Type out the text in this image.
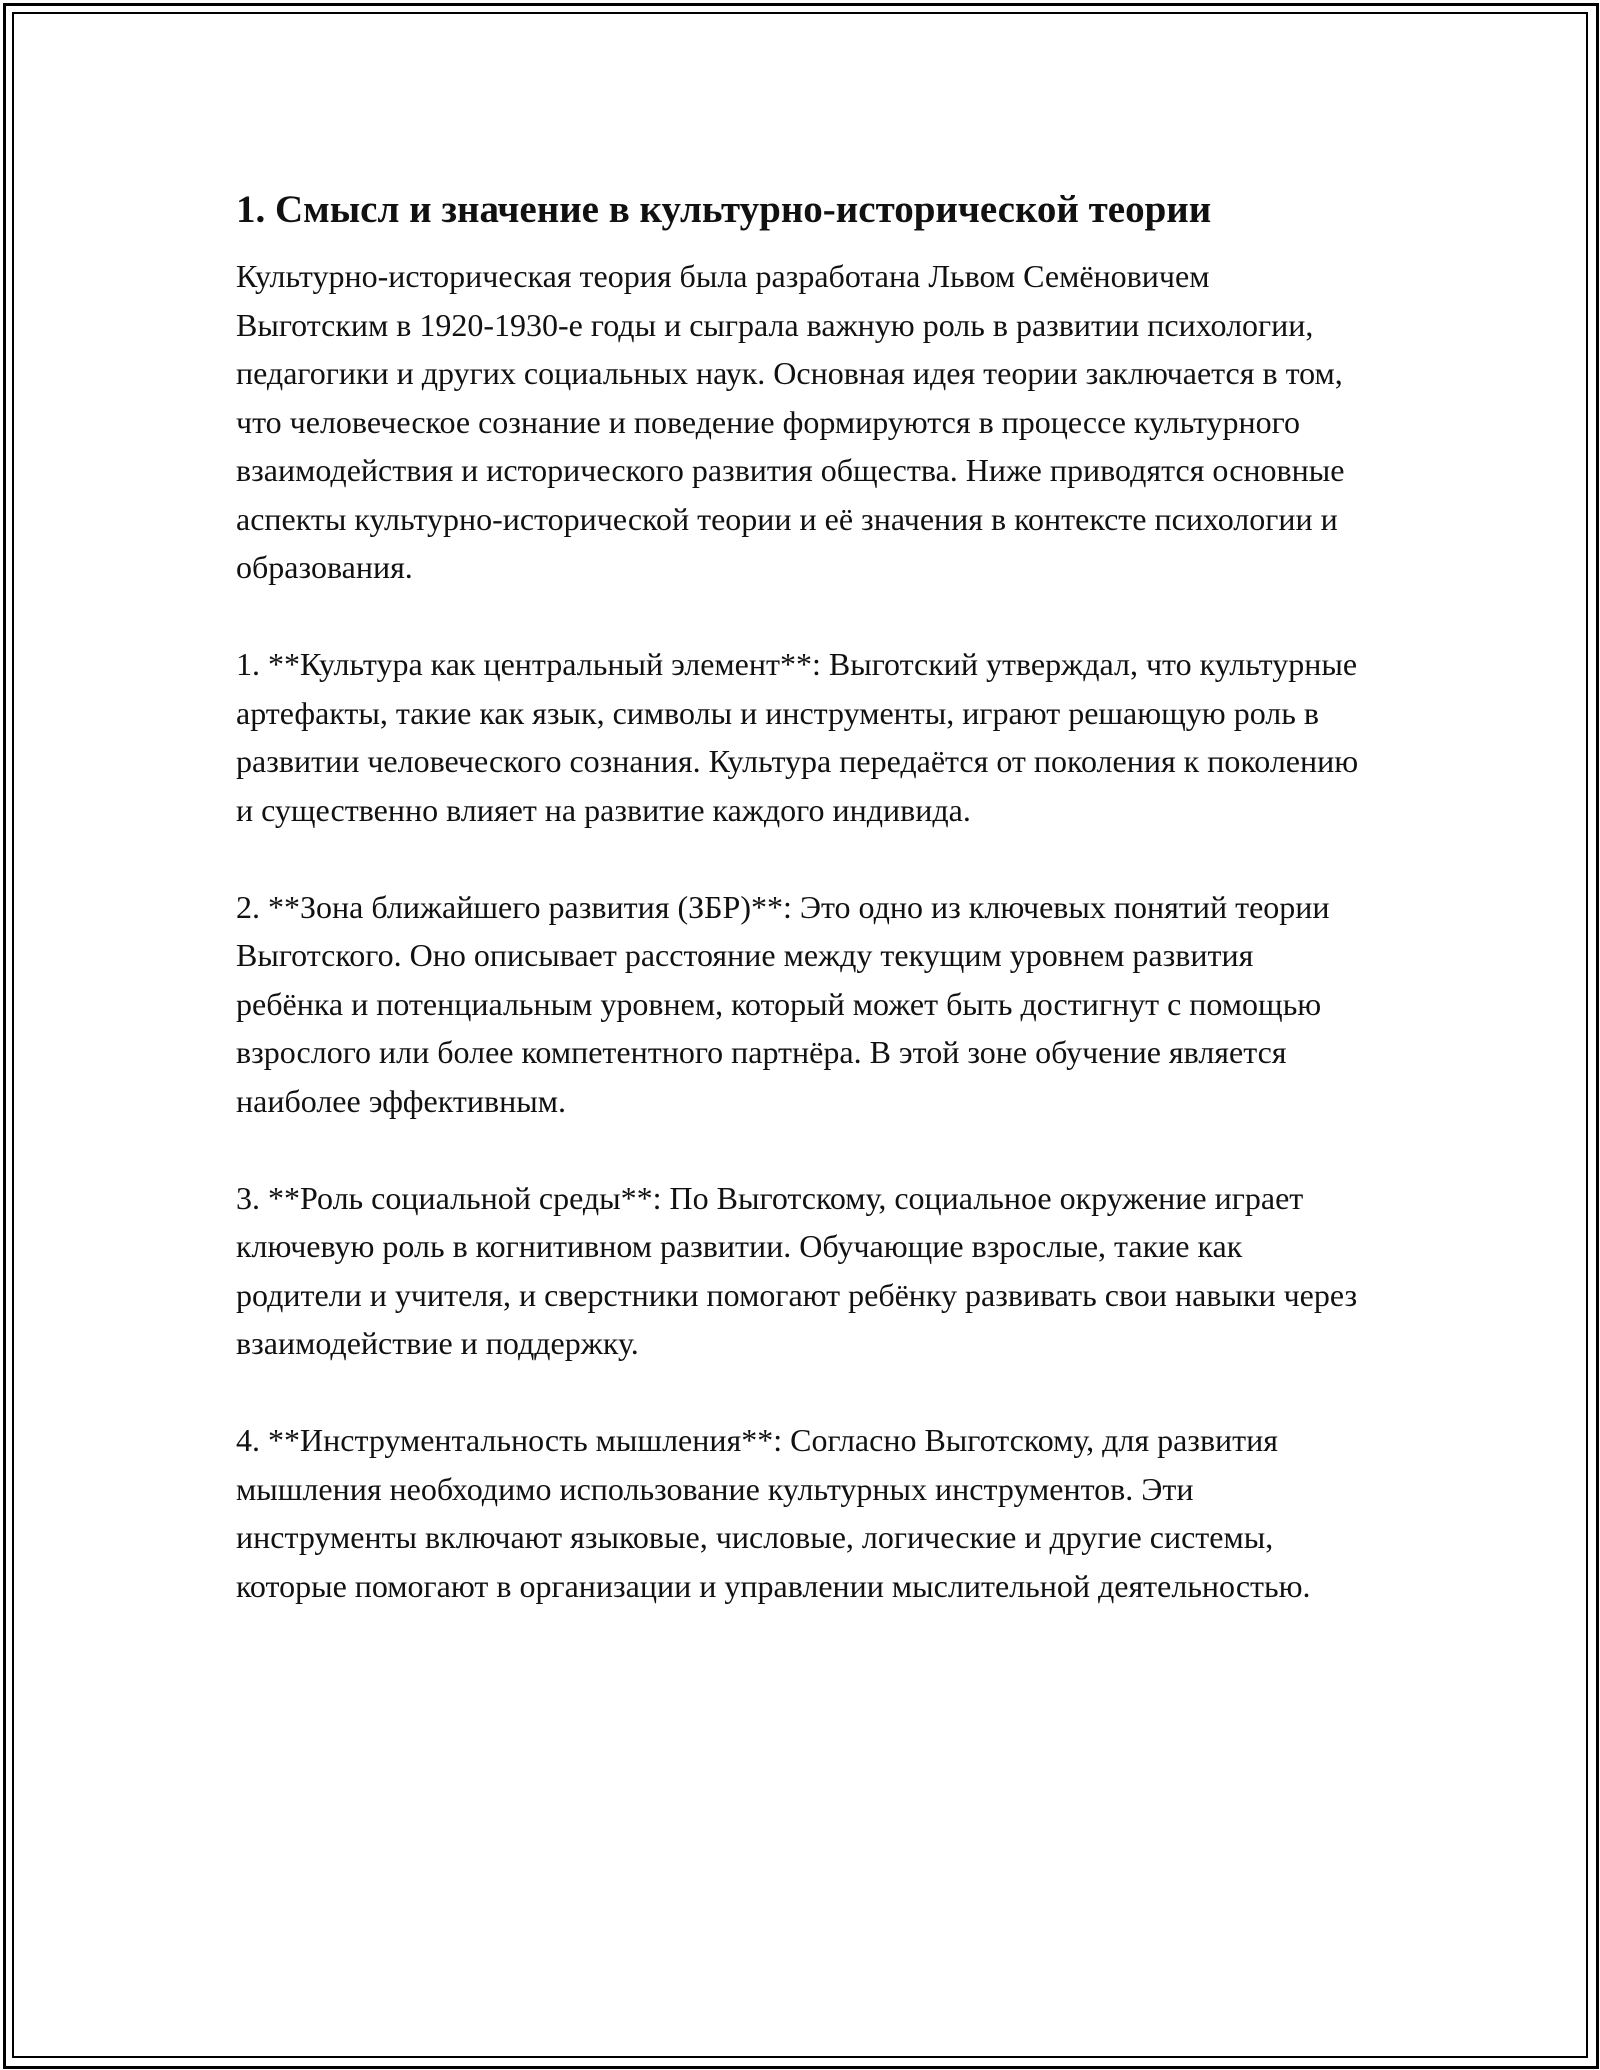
1. Смысл и значение в культурно-исторической теории

Культурно-историческая теория была разработана Львом Семёновичем Выготским в 1920-1930-е годы и сыграла важную роль в развитии психологии, педагогики и других социальных наук. Основная идея теории заключается в том, что человеческое сознание и поведение формируются в процессе культурного взаимодействия и исторического развития общества. Ниже приводятся основные аспекты культурно-исторической теории и её значения в контексте психологии и образования.

1. **Культура как центральный элемент**: Выготский утверждал, что культурные артефакты, такие как язык, символы и инструменты, играют решающую роль в развитии человеческого сознания. Культура передаётся от поколения к поколению и существенно влияет на развитие каждого индивида.

2. **Зона ближайшего развития (ЗБР)**: Это одно из ключевых понятий теории Выготского. Оно описывает расстояние между текущим уровнем развития ребёнка и потенциальным уровнем, который может быть достигнут с помощью взрослого или более компетентного партнёра. В этой зоне обучение является наиболее эффективным.

3. **Роль социальной среды**: По Выготскому, социальное окружение играет ключевую роль в когнитивном развитии. Обучающие взрослые, такие как родители и учителя, и сверстники помогают ребёнку развивать свои навыки через взаимодействие и поддержку.

4. **Инструментальность мышления**: Согласно Выготскому, для развития мышления необходимо использование культурных инструментов. Эти инструменты включают языковые, числовые, логические и другие системы, которые помогают в организации и управлении мыслительной деятельностью.
